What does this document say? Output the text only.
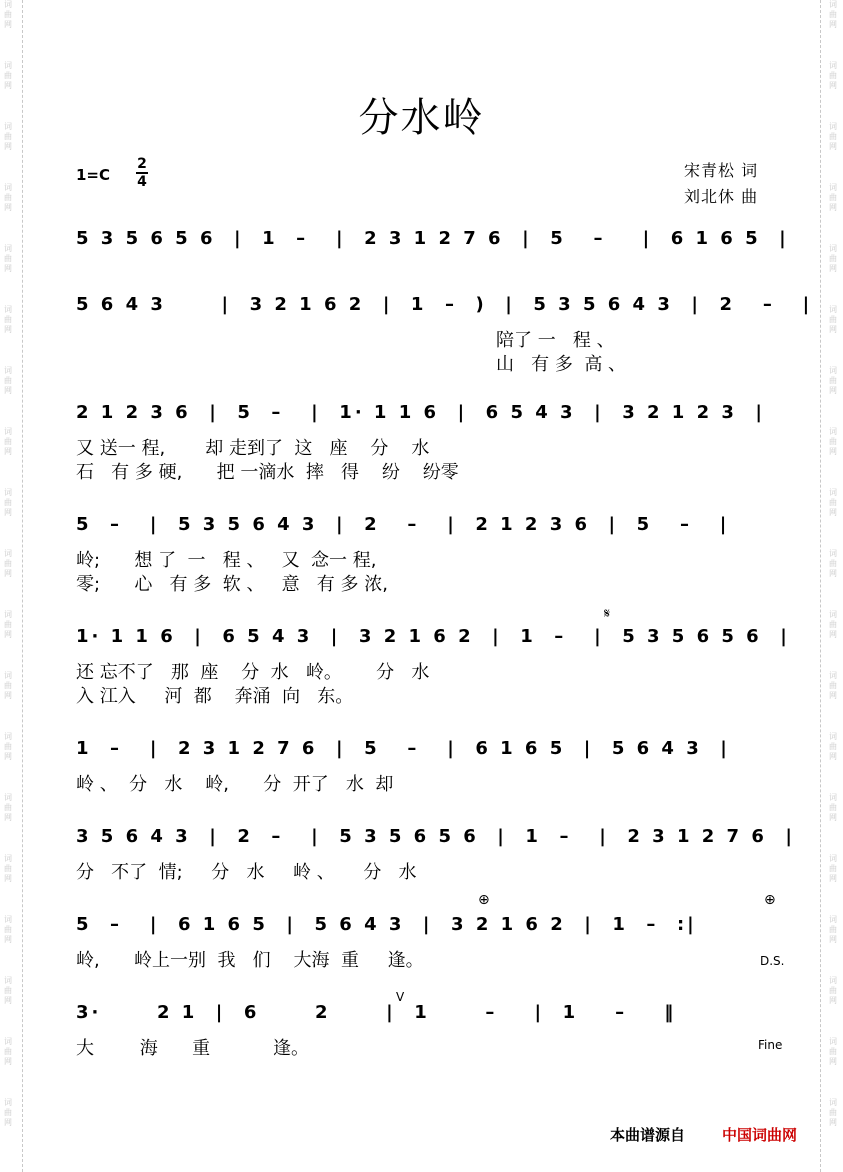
词
曲
网
词
曲
网
词
曲
网
词
曲
网
词
曲
网
词
曲
网
词
曲
网
词
曲
网
词
曲
网
词
曲
网
词
曲
网
词
曲
网
词
曲
网
词
曲
网
词
曲
网
词
曲
网
词
曲
网
词
曲
网
词
曲
网
词
曲
网
词
曲
网
词
曲
网
词
曲
网
词
曲
网
词
曲
网
词
曲
网
词
曲
网
词
曲
网
词
曲
网
词
曲
网
词
曲
网
词
曲
网
词
曲
网
词
曲
网
词
曲
网
词
曲
网
词
曲
网
词
曲
网
分水岭
1=C
2
4
宋青松 词
刘北休 曲
5 3 5 6 5 6  |  1  –   |  2 3 1 2 7 6  |  5   –    |  6 1 6 5  |
5 6 4 3      |  3 2 1 6 2  |  1  –  )  |  5 3 5 6 4 3  |  2   –   |
陪了 一   程 、
山   有 多  高 、
2 1 2 3 6  |  5  –   |  1· 1 1 6  |  6 5 4 3  |  3 2 1 2 3  |
又 送一 程,       却 走到了  这   座    分    水
石   有 多 硬,      把 一滴水  摔   得    纷    纷零
5  –   |  5 3 5 6 4 3  |  2   –   |  2 1 2 3 6  |  5   –   |
岭;      想 了  一   程 、   又  念一 程,
零;      心   有 多  软 、   意   有 多 浓,
1· 1 1 6  |  6 5 4 3  |  3 2 1 6 2  |  1  –   |  5 3 5 6 5 6  |
还 忘不了   那  座    分  水   岭。      分   水
入 江入     河  都    奔涌  向   东。
1  –   |  2 3 1 2 7 6  |  5   –   |  6 1 6 5  |  5 6 4 3  |
岭 、  分   水    岭,      分  开了   水  却
3 5 6 4 3  |  2  –   |  5 3 5 6 5 6  |  1  –   |  2 3 1 2 7 6  |
分   不了  情;     分   水     岭 、     分   水
5  –   |  6 1 6 5  |  5 6 4 3  |  3 2 1 6 2  |  1  –  :|
岭,      岭上一别  我   们    大海  重     逢。
3·      2 1  |  6      2      |  1      –    |  1    –    ‖
大        海      重           逢。
𝄋
⊕	⊕
D.S.
Fine
V
本曲谱源自 中国词曲网
